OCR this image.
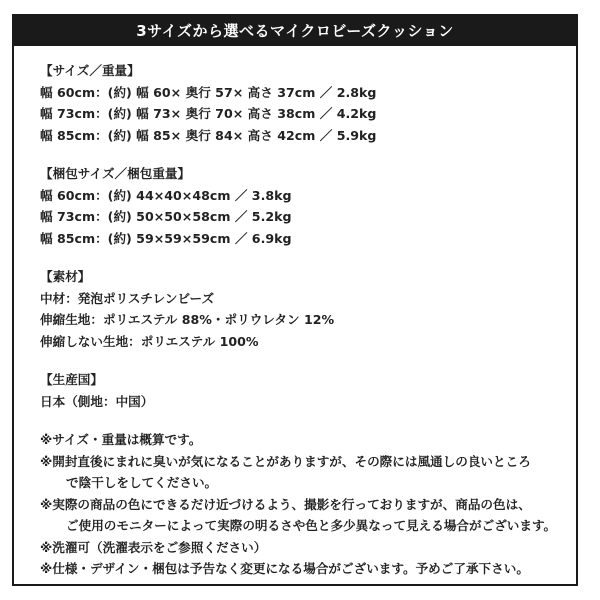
3サイズから選べるマイクロビーズクッション
【サイズ／重量】
幅 60cm：(約) 幅 60× 奥行 57× 高さ 37cm ／ 2.8kg
幅 73cm：(約) 幅 73× 奥行 70× 高さ 38cm ／ 4.2kg
幅 85cm：(約) 幅 85× 奥行 84× 高さ 42cm ／ 5.9kg
【梱包サイズ／梱包重量】
幅 60cm：(約) 44×40×48cm ／ 3.8kg
幅 73cm：(約) 50×50×58cm ／ 5.2kg
幅 85cm：(約) 59×59×59cm ／ 6.9kg
【素材】
中材：発泡ポリスチレンビーズ
伸縮生地：ポリエステル 88%・ポリウレタン 12%
伸縮しない生地：ポリエステル 100%
【生産国】
日本（側地：中国）
※サイズ・重量は概算です。
※開封直後にまれに臭いが気になることがありますが、その際には風通しの良いところ
で陰干しをしてください。
※実際の商品の色にできるだけ近づけるよう、撮影を行っておりますが、商品の色は、
ご使用のモニターによって実際の明るさや色と多少異なって見える場合がございます。
※洗濯可（洗濯表示をご参照ください）
※仕様・デザイン・梱包は予告なく変更になる場合がございます。予めご了承下さい。
